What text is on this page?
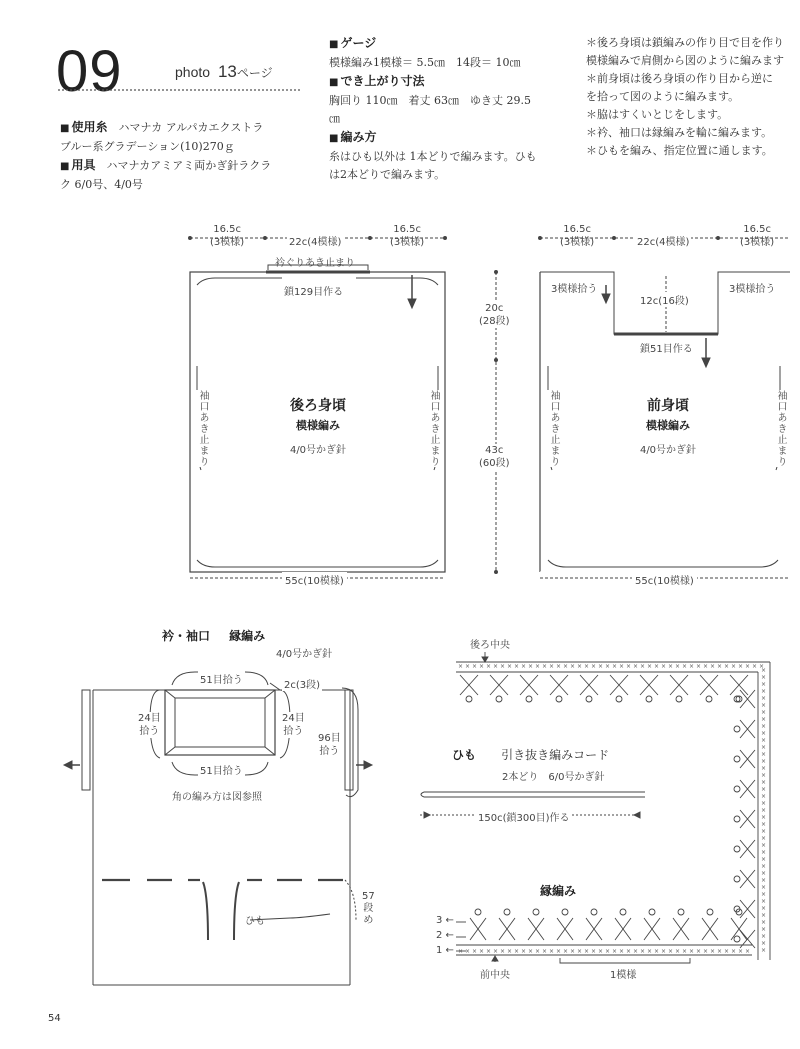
09	photo 13ページ
■ 使用糸　 ハマナカ アルパカエクストラ
ブルー系グラデーション(10)270ｇ
■ 用具　 ハマナカアミアミ両かぎ針ラクラ
ク 6/0号、4/0号
■ ゲージ
模様編み1模様＝ 5.5㎝　14段＝ 10㎝
■ でき上がり寸法
胸回り 110㎝　着丈 63㎝　ゆき丈 29.5
㎝
■ 編み方
糸はひも以外は 1本どりで編みます。ひも
は2本どりで編みます。
＊後ろ身頃は鎖編みの作り目で目を作り
模様編みで肩側から図のように編みます
＊前身頃は後ろ身頃の作り目から逆に
を拾って図のように編みます。
＊脇はすくいとじをします。
＊衿、袖口は縁編みを輪に編みます。
＊ひもを編み、指定位置に通します。
× × × × × × × × × × × × × × × × × × × × × × × × × × × × × × × × × × × × × × × × × × × ×
×
×
×
×
×
×
×
×
×
×
×
×
×
×
×
×
×
×
×
×
×
×
×
×
×
×
×
×
×
×
×
×
×
×
×
×
×
×
×
×
×
× × × × × × × × × × × × × × × × × × × × × × × × × × × × × × × × × × × × × × × × × ×
16.5c
(3模様)	22c(4模様)
16.5c
(3模様)
衿ぐりあき止まり
鎖129目作る
袖口あき止まり	袖口あき止まり
後ろ身頃
模様編み
4/0号かぎ針
55c(10模様)
20c
(28段)
43c
(60段)
16.5c
(3模様)	22c(4模様)
16.5c
(3模様)
3模様拾う	3模様拾う
12c(16段)
鎖51目作る
袖口あき止まり	袖口あき止まり
前身頃
模様編み
4/0号かぎ針
55c(10模様)
衿・袖口 縁編み
4/0号かぎ針
51目拾う	2c(3段)
24目
拾う
24目
拾う
96目
拾う
51目拾う
角の編み方は図参照
ひも
57
段
め
ひも 引き抜き編みコード
2本どり　6/0号かぎ針
150c(鎖300目)作る
後ろ中央
縁編み
3 ←
2 ←
1 ←
前中央	1模様
54
